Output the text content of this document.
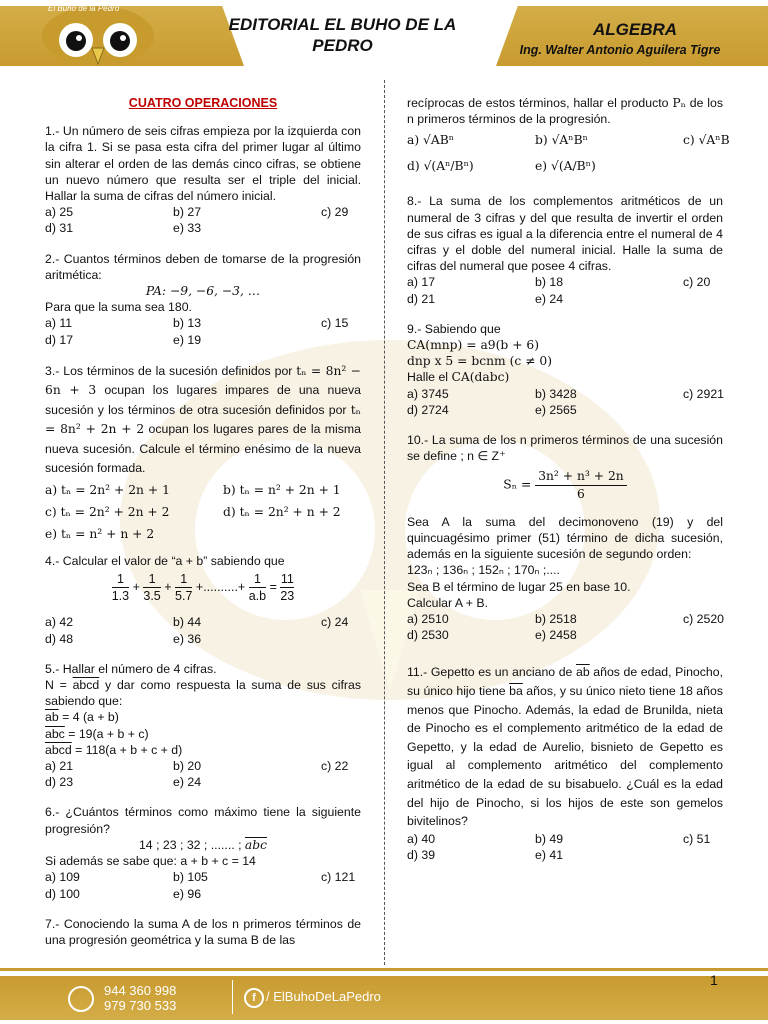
El Buho de la Pedro
EDITORIAL EL BUHO DE LA PEDRO
ALGEBRA
Ing. Walter Antonio Aguilera Tigre
CUATRO OPERACIONES

1.- Un número de seis cifras empieza por la izquierda con la cifra 1. Si se pasa esta cifra del primer lugar al último sin alterar el orden de las demás cinco cifras, se obtiene un nuevo número que resulta ser el triple del inicial. Hallar la suma de cifras del número inicial.

a) 25	b) 27	c) 29
d) 31	e) 33

2.- Cuantos términos deben de tomarse de la progresión aritmética:

PA: −9, −6, −3, …

Para que la suma sea 180.

a) 11	b) 13	c) 15
d) 17	e) 19

3.- Los términos de la sucesión definidos por tₙ = 8n² − 6n + 3 ocupan los lugares impares de una nueva sucesión y los términos de otra sucesión definidos por tₙ = 8n² + 2n + 2 ocupan los lugares pares de la misma nueva sucesión. Calcule el término enésimo de la nueva sucesión formada.

a) tₙ = 2n² + 2n + 1	b) tₙ = n² + 2n + 1
c) tₙ = 2n² + 2n + 2	d) tₙ = 2n² + n + 2
e) tₙ = n² + n + 2

4.- Calcular el valor de “a + b” sabiendo que

$\frac{1}{1.3} + \frac{1}{3.5} + \frac{1}{5.7}$ +..........+ $\frac{1}{a.b} = \frac{11}{23}$
a) 42	b) 44	c) 24
d) 48	e) 36

5.- Hallar el número de 4 cifras.

N = abcd y dar como respuesta la suma de sus cifras sabiendo que:

$\overline{ab} = 4$ (a + b)

$\overline{abc} = 19(a + b + c)$

abcd = 118(a + b + c + d)

a) 21	b) 20	c) 22
d) 23	e) 24

6.- ¿Cuántos términos como máximo tiene la siguiente progresión?

14 ; 23 ; 32 ; ....... ; $\overline{abc}$

Si además se sabe que: a + b + c = 14

a) 109	b) 105	c) 121
d) 100	e) 96

7.- Conociendo la suma A de los n primeros términos de una progresión geométrica y la suma B de las

recíprocas de estos términos, hallar el producto Pₙ de los n primeros términos de la progresión.

a) √ABⁿ	b) √AⁿBⁿ	c) √AⁿB
d) √(Aⁿ/Bⁿ)	e) √(A/Bⁿ)

8.- La suma de los complementos aritméticos de un numeral de 3 cifras y del que resulta de invertir el orden de sus cifras es igual a la diferencia entre el numeral de 4 cifras y el doble del numeral inicial. Halle la suma de cifras del numeral que posee 4 cifras.

a) 17	b) 18	c) 20
d) 21	e) 24

9.- Sabiendo que

CA(mnp) = a9(b + 6)

dnp x 5 = bcnm (c ≠ 0)

Halle el CA(dabc)

a) 3745	b) 3428	c) 2921
d) 2724	e) 2565

10.- La suma de los n primeros términos de una sucesión se define ; n ∈ Z⁺

$S_n = \frac{\text{3n² + n³ + 2n}}{6}$

Sea A la suma del decimonoveno (19) y del quincuagésimo primer (51) término de dicha sucesión, además en la siguiente sucesión de segundo orden:

123ₙ ; 136ₙ ; 152ₙ ; 170ₙ ;....

Sea B el término de lugar 25 en base 10.

Calcular A + B.

a) 2510	b) 2518	c) 2520
d) 2530	e) 2458

11.- Gepetto es un anciano de $\overline{ab}$ años de edad, Pinocho, su único hijo tiene $\overline{ba}$ años, y su único nieto tiene 18 años menos que Pinocho. Además, la edad de Brunilda, nieta de Pinocho es el complemento aritmético de la edad de Gepetto, y la edad de Aurelio, bisnieto de Gepetto es igual al complemento aritmético del complemento aritmético de la edad de su bisabuelo. ¿Cuál es la edad del hijo de Pinocho, si los hijos de este son gemelos bivitelinos?

a) 40	b) 49	c) 51
d) 39	e) 41
944 360 998
979 730 533	f / ElBuhoDeLaPedro
1
